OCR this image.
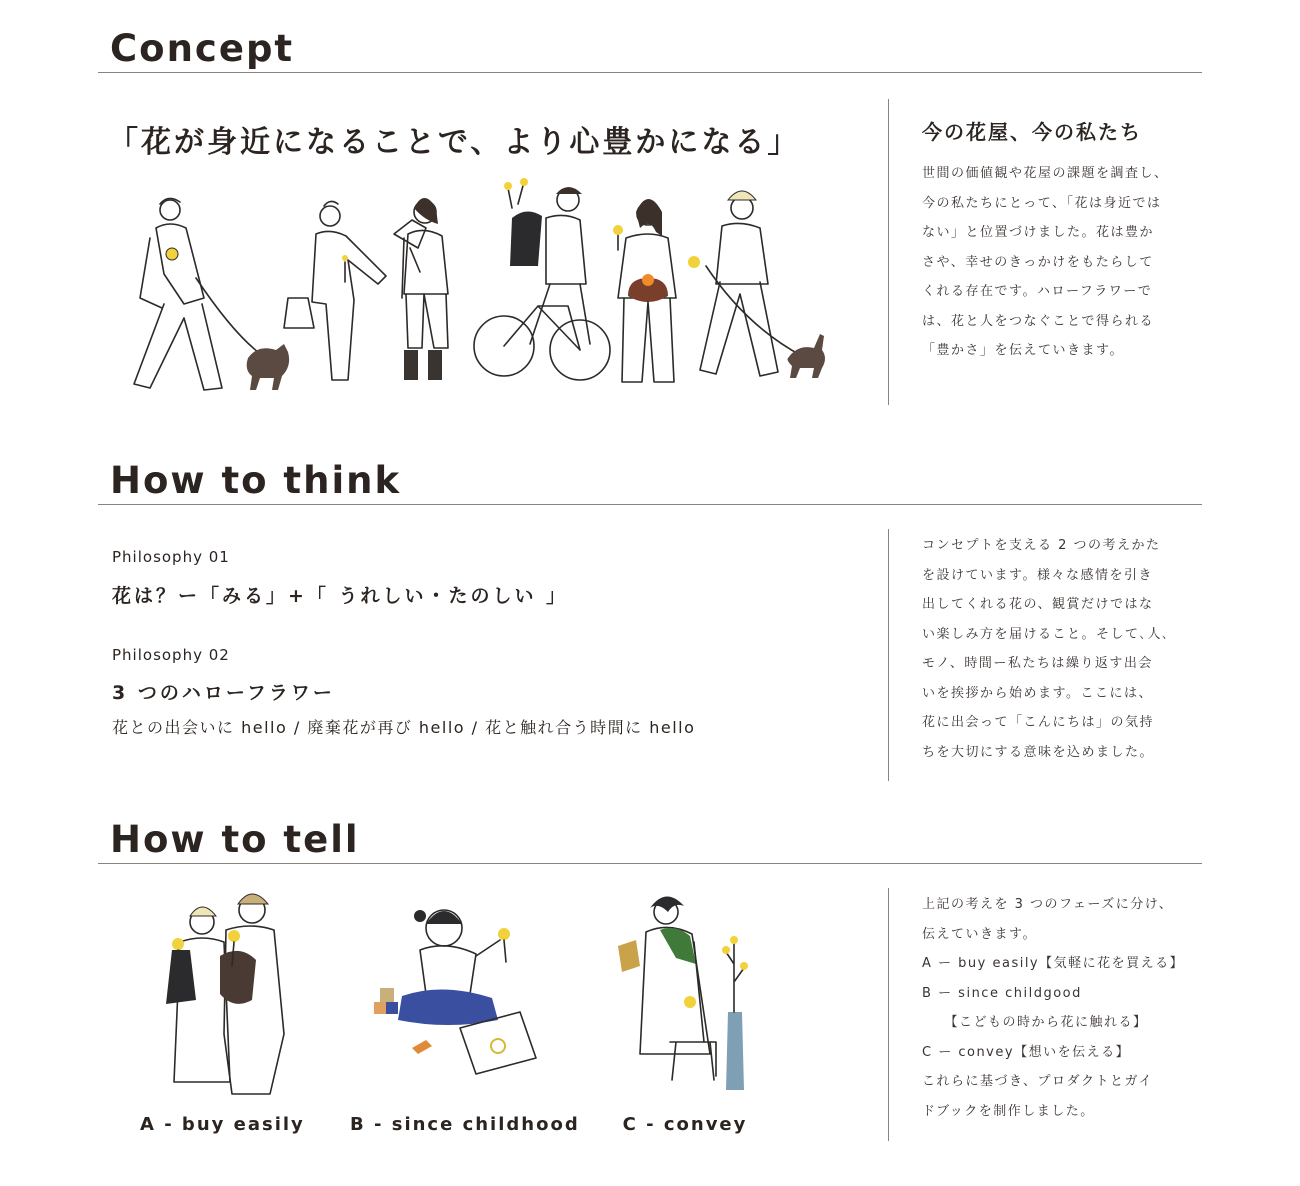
Concept
「花が身近になることで、より心豊かになる」	今の花屋、今の私たち

世間の価値観や花屋の課題を調査し、

今の私たちにとって、「花は身近では

ない」と位置づけました。花は豊か

さや、幸せのきっかけをもたらして

くれる存在です。ハローフラワーで

は、花と人をつなぐことで得られる

「豊かさ」を伝えていきます。

How to think
Philosophy 01
花は？ー「みる」+「 うれしい・たのしい 」
Philosophy 02
3 つのハローフラワー
花との出会いに hello / 廃棄花が再び hello / 花と触れ合う時間に hello

コンセプトを支える 2 つの考えかた

を設けています。様々な感情を引き

出してくれる花の、観賞だけではな

い楽しみ方を届けること。そして､人､

モノ、時間ー私たちは繰り返す出会

いを挨拶から始めます。ここには、

花に出会って「こんにちは」の気持

ちを大切にする意味を込めました。

How to tell
A - buy easily	B - since childhood	C - convey

上記の考えを 3 つのフェーズに分け、

伝えていきます。

A ー buy easily【気軽に花を買える】

B ー since childgood

　　【こどもの時から花に触れる】

C ー convey【想いを伝える】

これらに基づき、プロダクトとガイ

ドブックを制作しました。
